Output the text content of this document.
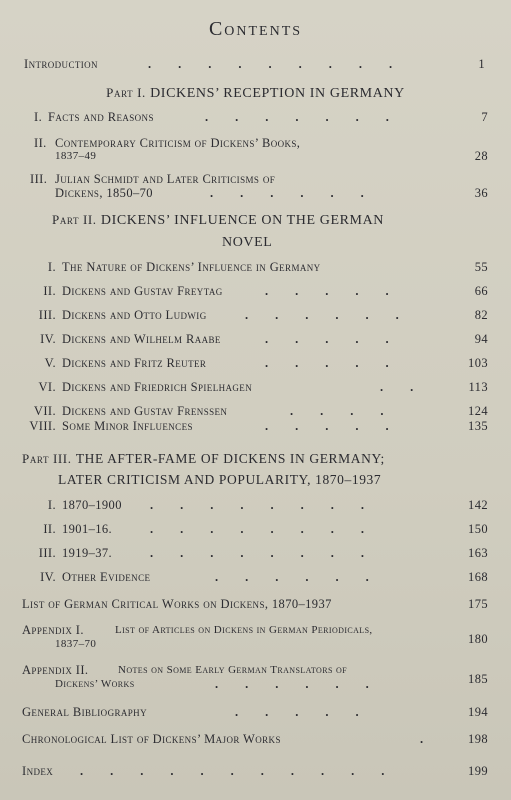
Contents
Introduction	.........	1
Part I. DICKENS’ RECEPTION IN GERMANY
I. Facts and Reasons	.......	7
II. Contemporary Criticism of Dickens’ Books,
1837–49	28
III. Julian Schmidt and Later Criticisms of
Dickens, 1850–70	......	36
Part II. DICKENS’ INFLUENCE ON THE GERMAN
NOVEL
I. The Nature of Dickens’ Influence in Germany	55
II. Dickens and Gustav Freytag	.....	66
III. Dickens and Otto Ludwig	......	82
IV. Dickens and Wilhelm Raabe	.....	94
V. Dickens and Fritz Reuter	.....	103
VI. Dickens and Friedrich Spielhagen	.. 113
VII. Dickens and Gustav Frenssen	....	124
VIII. Some Minor Influences	.....	135
Part III. THE AFTER-FAME OF DICKENS IN GERMANY;
LATER CRITICISM AND POPULARITY, 1870–1937
I. 1870–1900 ........	142
II. 1901–16.	........	150
III. 1919–37.	........	163
IV. Other Evidence	......	168
List of German Critical Works on Dickens, 1870–1937	175
Appendix I.	List of Articles on Dickens in German Periodicals,
1837–70	180
Appendix II.	Notes on Some Early German Translators of
Dickens’ Works	......	185
General Bibliography	.....	194
Chronological List of Dickens’ Major Works	. 198
Index ...........	199
